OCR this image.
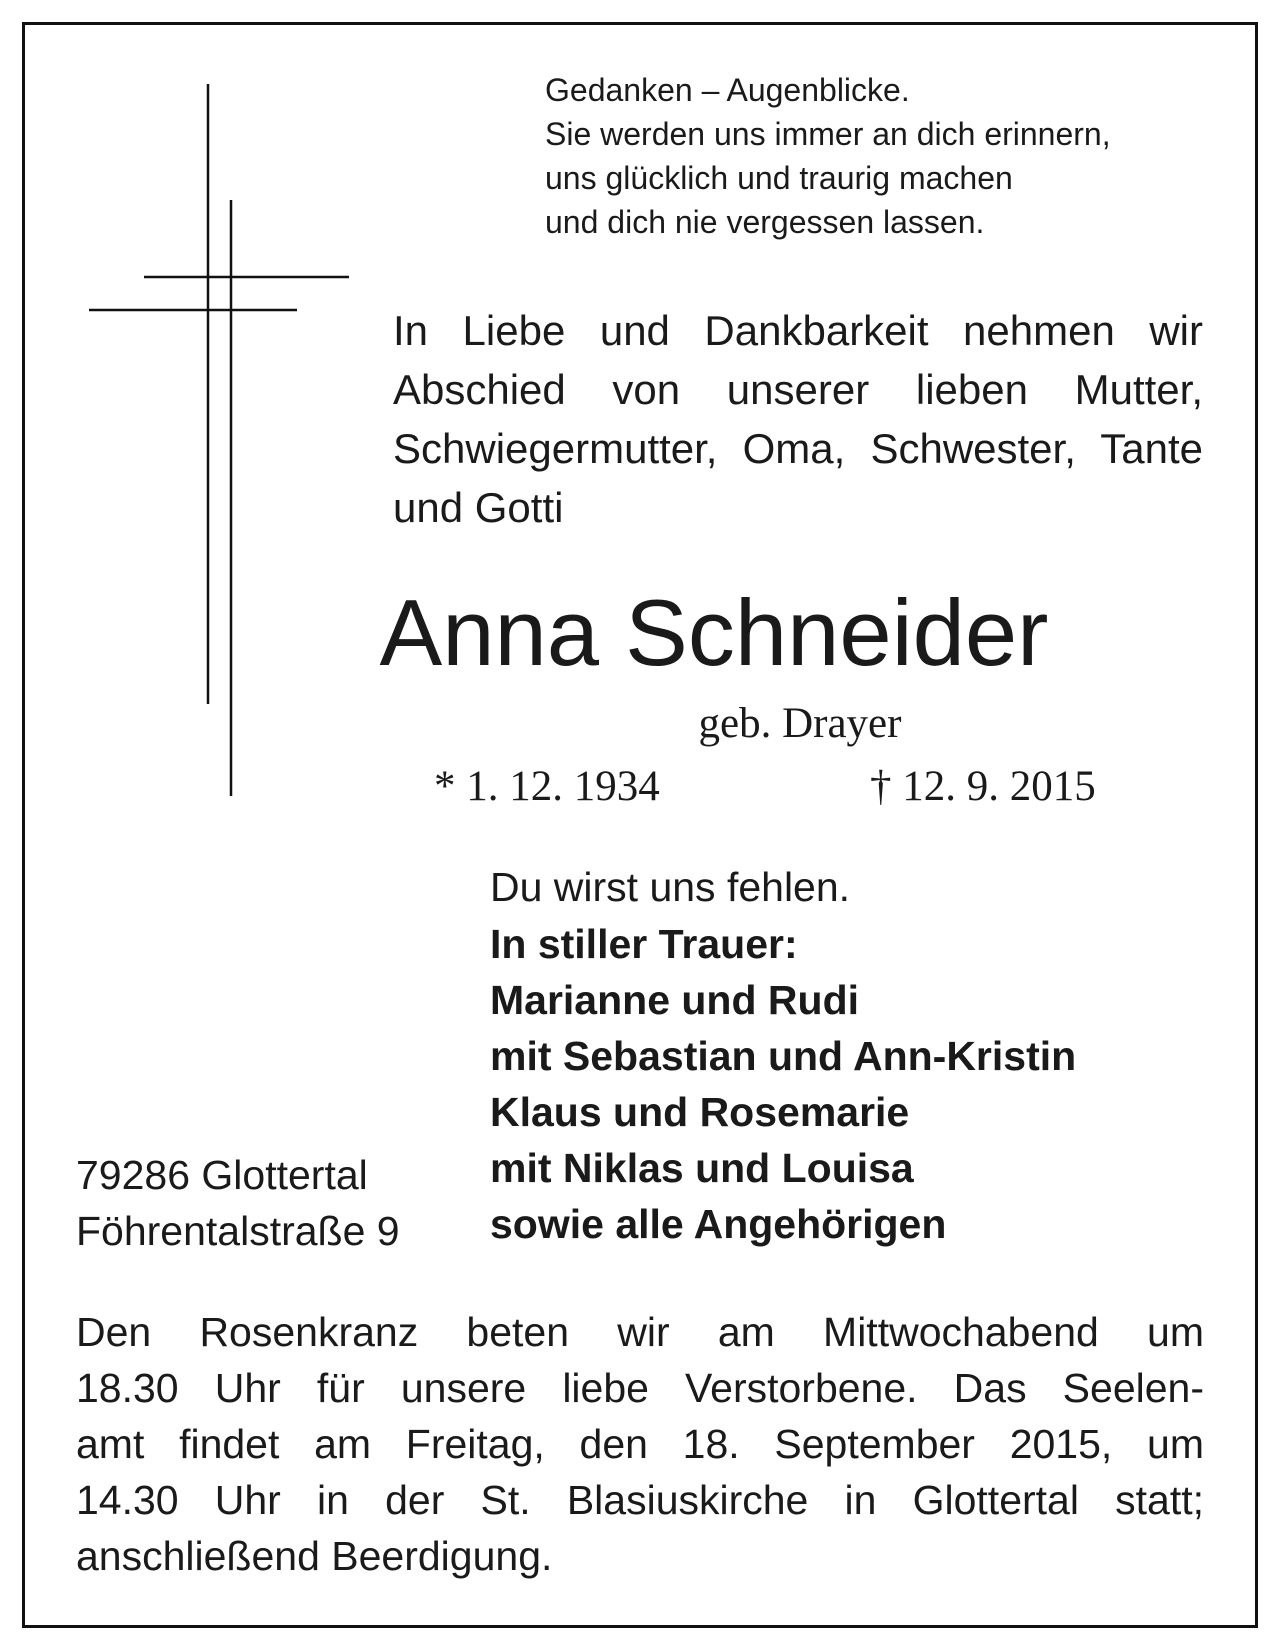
Gedanken – Augenblicke.
Sie werden uns immer an dich erinnern,
uns glücklich und traurig machen
und dich nie vergessen lassen.
In Liebe und Dankbarkeit nehmen wir
Abschied von unserer lieben Mutter,
Schwiegermutter, Oma, Schwester, Tante
und Gotti
Anna Schneider
geb. Drayer
* 1. 12. 1934	† 12. 9. 2015
Du wirst uns fehlen.
In stiller Trauer:
Marianne und Rudi
mit Sebastian und Ann-Kristin
Klaus und Rosemarie
mit Niklas und Louisa
sowie alle Angehörigen
79286 Glottertal
Föhrentalstraße 9
Den Rosenkranz beten wir am Mittwochabend um
18.30 Uhr für unsere liebe Verstorbene. Das Seelen-
amt findet am Freitag, den 18. September 2015, um
14.30 Uhr in der St. Blasiuskirche in Glottertal statt;
anschließend Beerdigung.
